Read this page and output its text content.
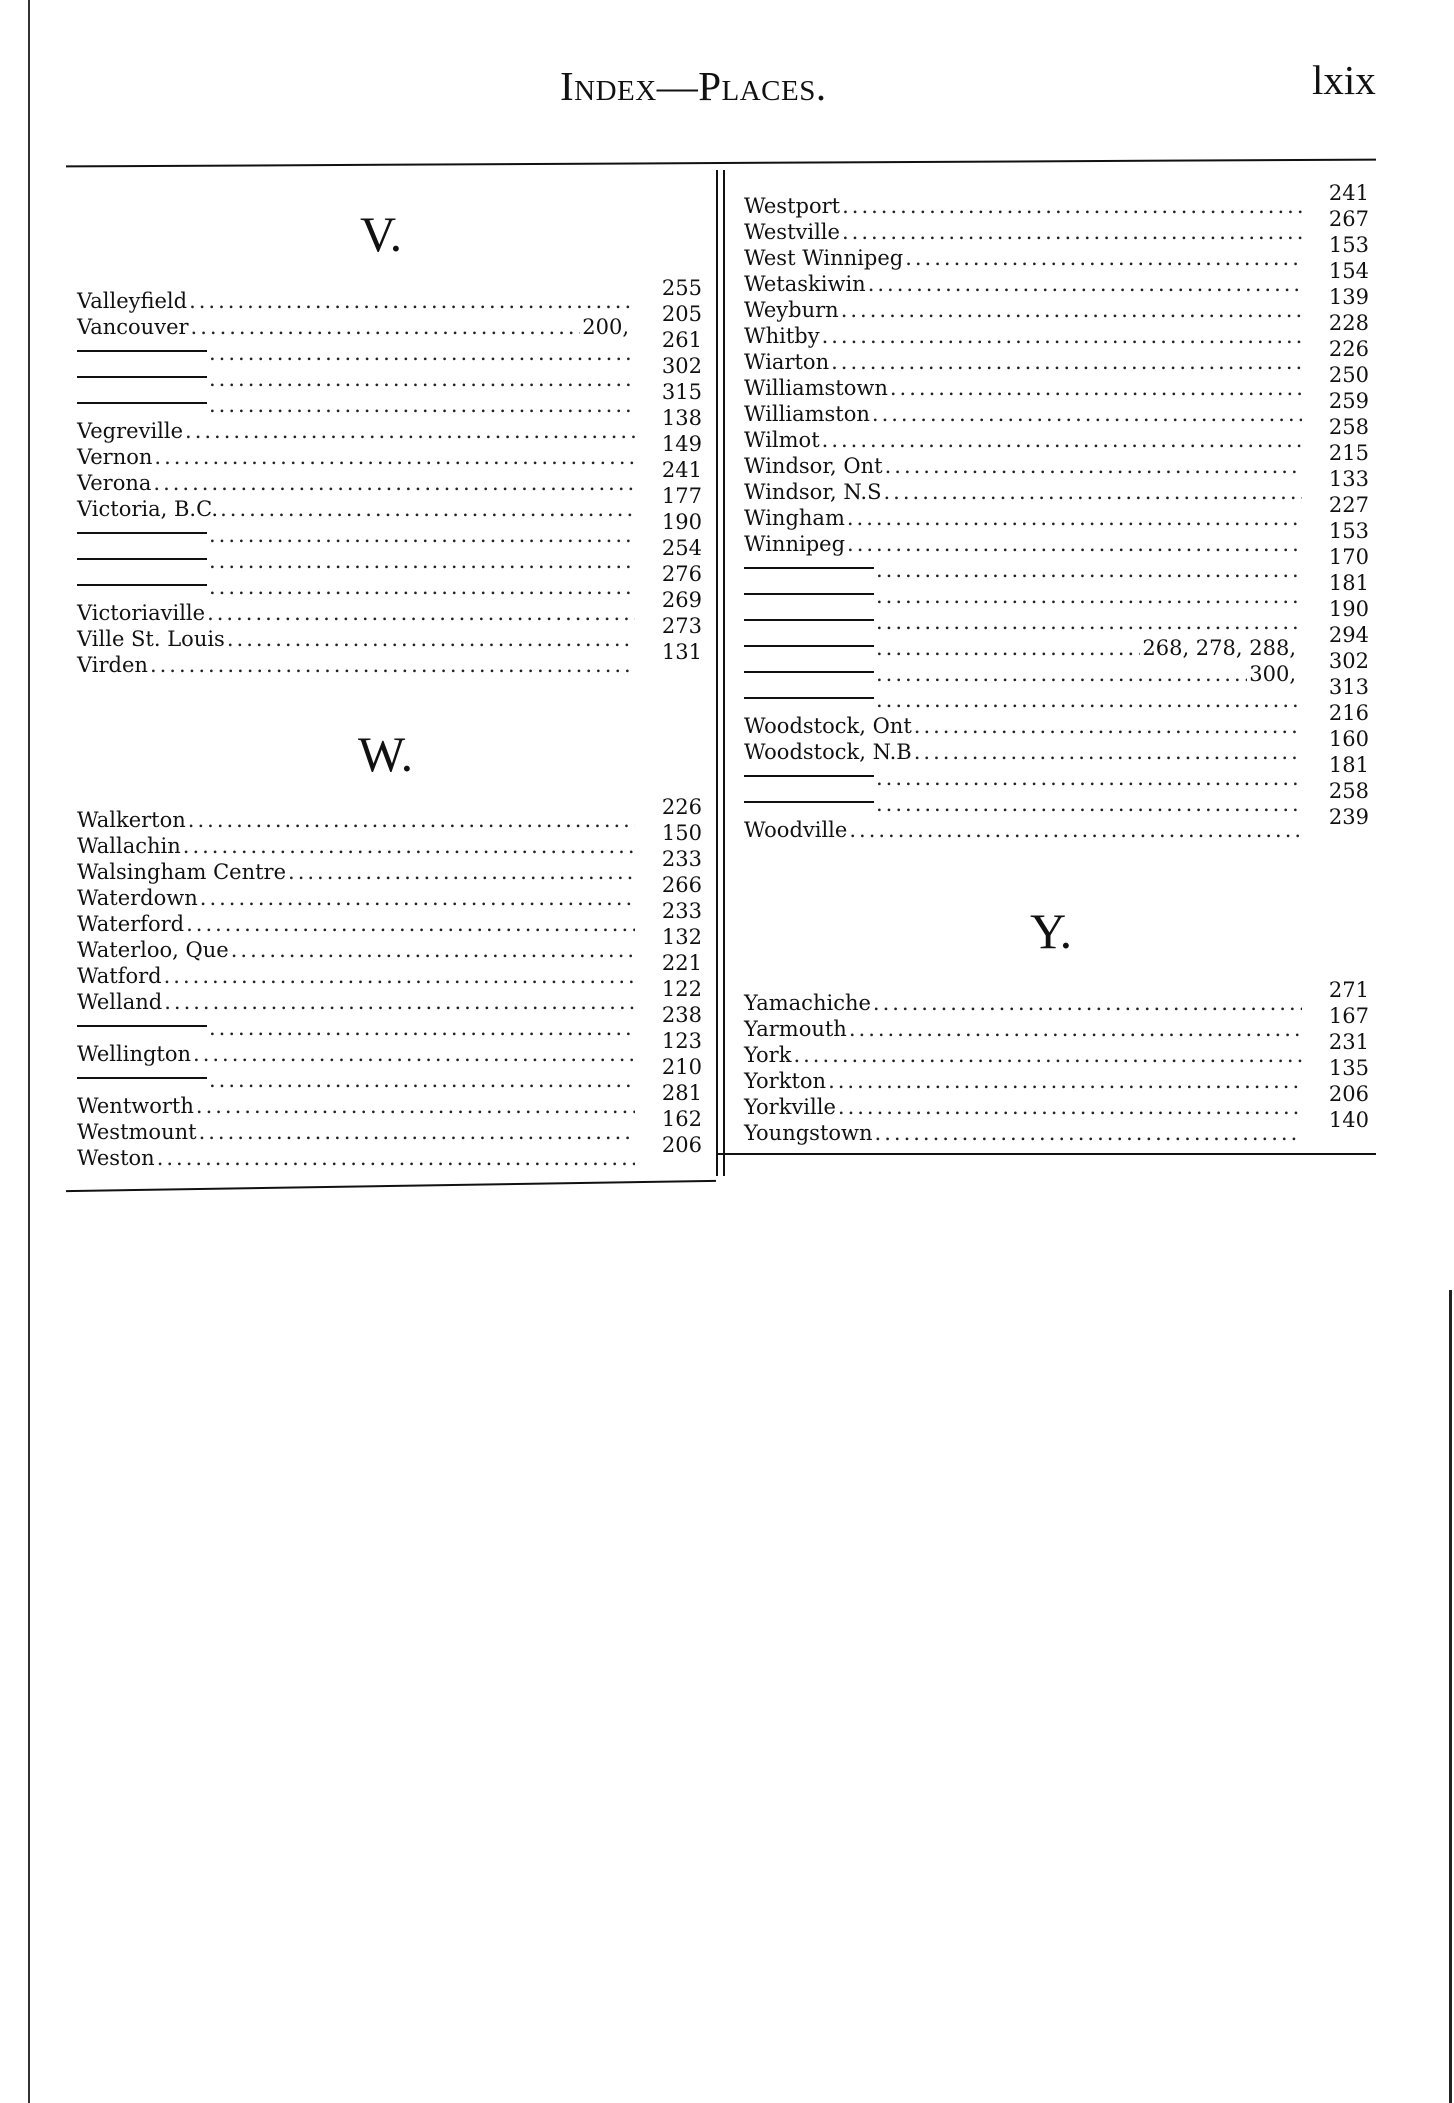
Index—Places.	lxix
V.
Valleyfield
.....
Vancouver
.....	200,
.....
.....
.....
Vegreville
.....
Vernon
.....
Verona
.....
Victoria, B.C.
.....
.....
.....
.....
Victoriaville
.....
Ville St. Louis
.....
Virden
.....
255
205
261
302
315
138
149
241
177
190
254
276
269
273
131
W.
Walkerton
.....
Wallachin
.....
Walsingham Centre
.....
Waterdown
.....
Waterford
.....
Waterloo, Que
.....
Watford
.....
Welland
.....
.....
Wellington
.....
.....
Wentworth
.....
Westmount
.....
Weston
.....
226
150
233
266
233
132
221
122
238
123
210
281
162
206
Westport
.....
Westville
.....
West Winnipeg
.....
Wetaskiwin
.....
Weyburn
.....
Whitby
.....
Wiarton
.....
Williamstown
.....
Williamston
.....
Wilmot
.....
Windsor, Ont
.....
Windsor, N.S
.....
Wingham
.....
Winnipeg
.....
.....
.....
.....
.....
268, 278, 288,
.....
300,
.....
Woodstock, Ont
.....
Woodstock, N.B
.....
.....
.....
Woodville
.....
241
267
153
154
139
228
226
250
259
258
215
133
227
153
170
181
190
294
302
313
216
160
181
258
239
Y.
Yamachiche
.....
Yarmouth
.....
York
.....
Yorkton
.....
Yorkville
.....
Youngstown
.....
271
167
231
135
206
140
